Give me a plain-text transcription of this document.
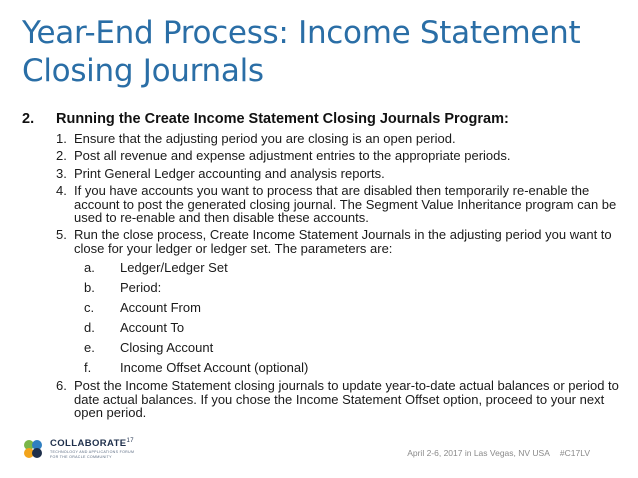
Year-End Process: Income Statement
Closing Journals
2.	Running the Create Income Statement Closing Journals Program:
1. Ensure that the adjusting period you are closing is an open period.
2. Post all revenue and expense adjustment entries to the appropriate periods.
3. Print General Ledger accounting and analysis reports.
4. If you have accounts you want to process that are disabled then temporarily re-enable the account to post the generated closing journal. The Segment Value Inheritance program can be used to re-enable and then disable these accounts.
5. Run the close process, Create Income Statement Journals in the adjusting period you want to close for your ledger or ledger set. The parameters are:
a.	Ledger/Ledger Set
b.	Period:
c.	Account From
d.	Account To
e.	Closing Account
f.	Income Offset Account (optional)
6. Post the Income Statement closing journals to update year-to-date actual balances or period to date actual balances. If you chose the Income Statement Offset option, proceed to your next open period.
COLLABORATE$^{17}$
TECHNOLOGY AND APPLICATIONS FORUM
FOR THE ORACLE COMMUNITY	April 2-6, 2017 in Las Vegas, NV USA #C17LV
